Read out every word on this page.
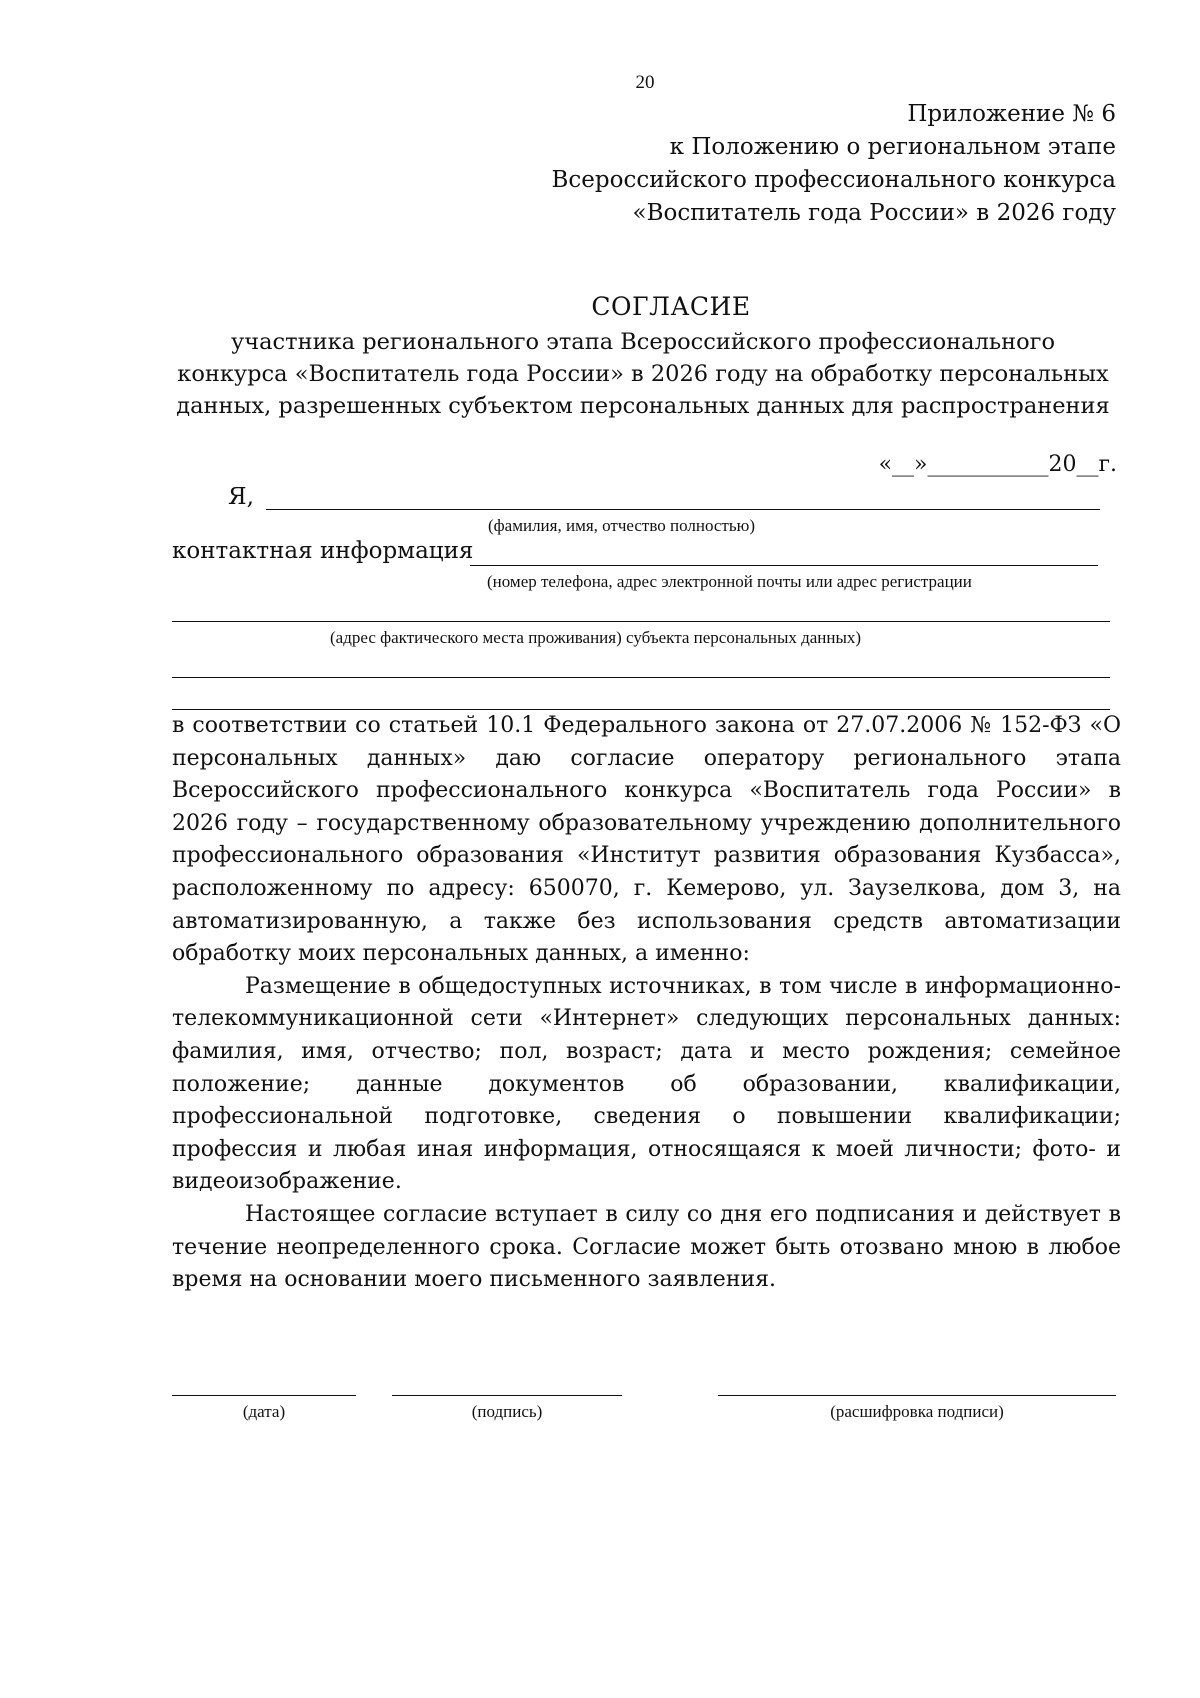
20
Приложение № 6
к Положению о региональном этапе
Всероссийского профессионального конкурса
«Воспитатель года России» в 2026 году
СОГЛАСИЕ
участника регионального этапа Всероссийского профессионального
конкурса «Воспитатель года России» в 2026 году на обработку персональных
данных, разрешенных субъектом персональных данных для распространения
«__»___________20__г.
Я,
(фамилия, имя, отчество полностью)
контактная информация
(номер телефона, адрес электронной почты или адрес регистрации
(адрес фактического места проживания) субъекта персональных данных)

в соответствии со статьей 10.1 Федерального закона от 27.07.2006 № 152-ФЗ «О персональных данных» даю согласие оператору регионального этапа Всероссийского профессионального конкурса «Воспитатель года России» в 2026 году – государственному образовательному учреждению дополнительного профессионального образования «Институт развития образования Кузбасса», расположенному по адресу: 650070, г. Кемерово, ул. Заузелкова, дом 3, на автоматизированную, а также без использования средств автоматизации обработку моих персональных данных, а именно:

Размещение в общедоступных источниках, в том числе в информационно-телекоммуникационной сети «Интернет» следующих персональных данных: фамилия, имя, отчество; пол, возраст; дата и место рождения; семейное положение; данные документов об образовании, квалификации, профессиональной подготовке, сведения о повышении квалификации; профессия и любая иная информация, относящаяся к моей личности; фото- и видеоизображение.

Настоящее согласие вступает в силу со дня его подписания и действует в течение неопределенного срока. Согласие может быть отозвано мною в любое время на основании моего письменного заявления.

(дата)	(подпись)	(расшифровка подписи)
